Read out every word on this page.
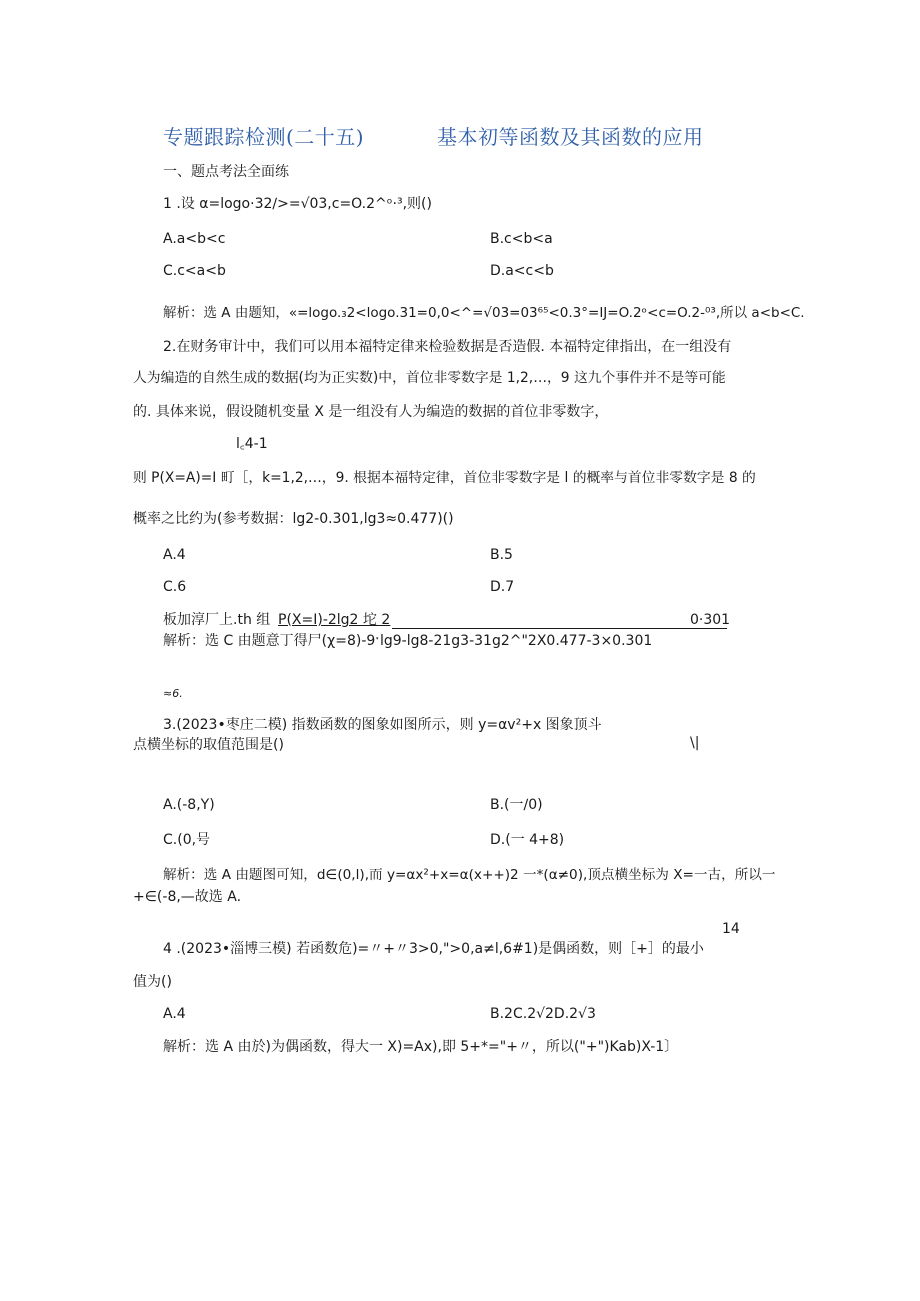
专题跟踪检测(二十五)	基本初等函数及其函数的应用
一、题点考法全面练
1 .设 α=logo·32∕>=√03,c=O.2^ᵒ·³,则()
A.a<b<c	B.c<b<a
C.c<a<b	D.a<c<b
解析：选 A 由题知，«=logo.₃2<logo.31=0,0<^=√03=03⁶⁵<0.3°=IJ=O.2ᵒ<c=O.2-⁰³,所以 a<b<C.
2.在财务审计中，我们可以用本福特定律来检验数据是否造假. 本福特定律指出，在一组没有
人为编造的自然生成的数据(均为正实数)中，首位非零数字是 1,2,…，9 这九个事件并不是等可能
的. 具体来说，假设随机变量 X 是一组没有人为编造的数据的首位非零数字，
l꜀4-1
则 P(X=A)=I 町［，k=1,2,…，9. 根据本福特定律，首位非零数字是 l 的概率与首位非零数字是 8 的
概率之比约为(参考数据：lg2-0.301,lg3≈0.477)()
A.4	B.5
C.6	D.7
板加淳厂上.th 组 P(X=I)-2lg2 坨 2	0·301
解析：选 C 由题意丁得尸(χ=8)-9ˑlg9-lg8-21g3-31g2^"2X0.477-3×0.301
≈6.
3.(2023•枣庄二模) 指数函数的图象如图所示，则 y=αv²+x 图象顶斗
点横坐标的取值范围是()	\|
A.(-8,Y)	B.(一∕0)
C.(0,号	D.(一 4+8)
解析：选 A 由题图可知，d∈(0,l),而 y=αx²+x=α(x++)2 一*(α≠0),顶点横坐标为 X=一古，所以一
+∈(-8,—故选 A.
14
4 .(2023•淄博三模) 若函数危)=〃+〃3>0,">0,a≠l,6#1)是偶函数，则［+］的最小
值为()
A.4	B.2C.2√2D.2√3
解析：选 A 由於)为偶函数，得大一 X)=Ax),即 5+*="+〃，所以("+")Kab)X-1〕
